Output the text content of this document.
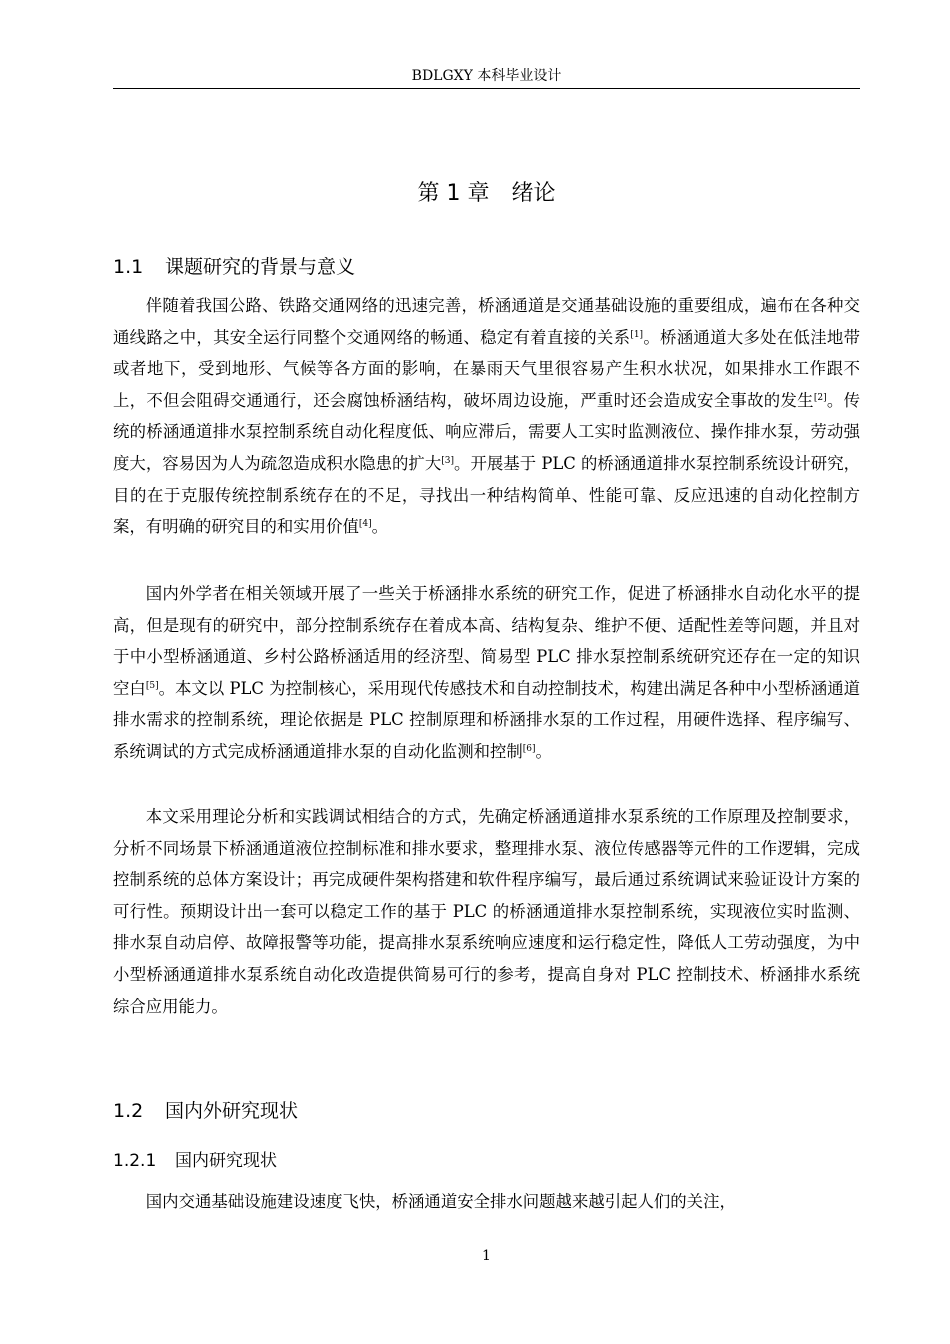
BDLGXY 本科毕业设计
第 1 章　绪论
1.1 课题研究的背景与意义
伴随着我国公路、铁路交通网络的迅速完善，桥涵通道是交通基础设施的重要组成，遍布在各种交通线路之中，其安全运行同整个交通网络的畅通、稳定有着直接的关系[1]。桥涵通道大多处在低洼地带或者地下，受到地形、气候等各方面的影响，在暴雨天气里很容易产生积水状况，如果排水工作跟不上，不但会阻碍交通通行，还会腐蚀桥涵结构，破坏周边设施，严重时还会造成安全事故的发生[2]。传统的桥涵通道排水泵控制系统自动化程度低、响应滞后，需要人工实时监测液位、操作排水泵，劳动强度大，容易因为人为疏忽造成积水隐患的扩大[3]。开展基于 PLC 的桥涵通道排水泵控制系统设计研究，目的在于克服传统控制系统存在的不足，寻找出一种结构简单、性能可靠、反应迅速的自动化控制方案，有明确的研究目的和实用价值[4]。
国内外学者在相关领域开展了一些关于桥涵排水系统的研究工作，促进了桥涵排水自动化水平的提高，但是现有的研究中，部分控制系统存在着成本高、结构复杂、维护不便、适配性差等问题，并且对于中小型桥涵通道、乡村公路桥涵适用的经济型、简易型 PLC 排水泵控制系统研究还存在一定的知识空白[5]。本文以 PLC 为控制核心，采用现代传感技术和自动控制技术，构建出满足各种中小型桥涵通道排水需求的控制系统，理论依据是 PLC 控制原理和桥涵排水泵的工作过程，用硬件选择、程序编写、系统调试的方式完成桥涵通道排水泵的自动化监测和控制[6]。
本文采用理论分析和实践调试相结合的方式，先确定桥涵通道排水泵系统的工作原理及控制要求，分析不同场景下桥涵通道液位控制标准和排水要求，整理排水泵、液位传感器等元件的工作逻辑，完成控制系统的总体方案设计；再完成硬件架构搭建和软件程序编写，最后通过系统调试来验证设计方案的可行性。预期设计出一套可以稳定工作的基于 PLC 的桥涵通道排水泵控制系统，实现液位实时监测、排水泵自动启停、故障报警等功能，提高排水泵系统响应速度和运行稳定性，降低人工劳动强度，为中小型桥涵通道排水泵系统自动化改造提供简易可行的参考，提高自身对 PLC 控制技术、桥涵排水系统综合应用能力。
1.2 国内外研究现状
1.2.1 国内研究现状
国内交通基础设施建设速度飞快，桥涵通道安全排水问题越来越引起人们的关注，
1
